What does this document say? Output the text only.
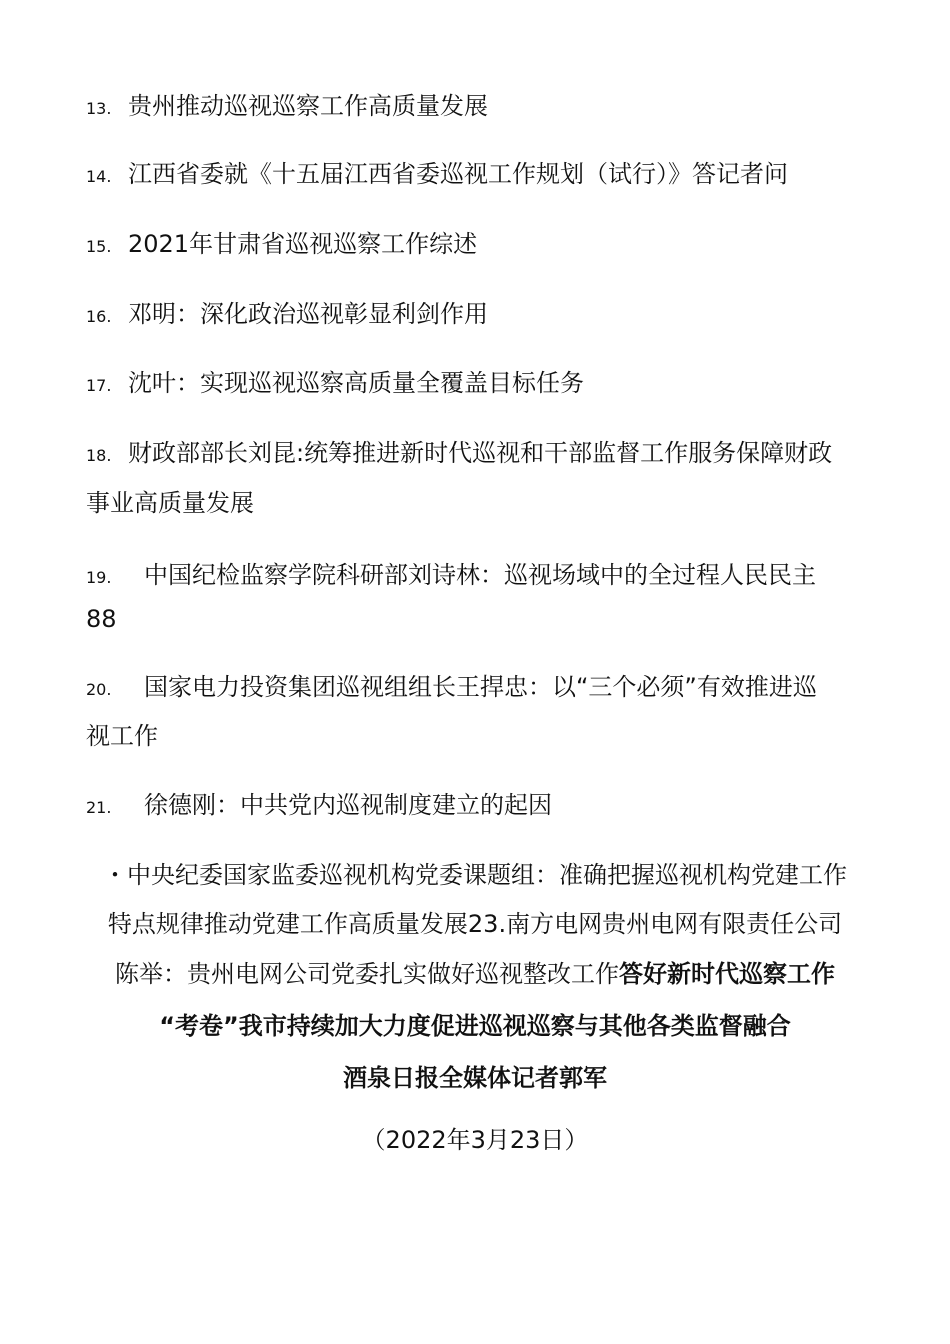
13. 贵州推动巡视巡察工作高质量发展
14. 江西省委就《十五届江西省委巡视工作规划（试行）》答记者问
15. 2021年甘肃省巡视巡察工作综述
16. 邓明：深化政治巡视彰显利剑作用
17. 沈叶：实现巡视巡察高质量全覆盖目标任务
18. 财政部部长刘昆:统筹推进新时代巡视和干部监督工作服务保障财政
事业高质量发展
19. 中国纪检监察学院科研部刘诗林：巡视场域中的全过程人民民主
88
20. 国家电力投资集团巡视组组长王捍忠：以“三个必须”有效推进巡
视工作
21. 徐德刚：中共党内巡视制度建立的起因
・中央纪委国家监委巡视机构党委课题组：准确把握巡视机构党建工作
特点规律推动党建工作高质量发展23.南方电网贵州电网有限责任公司
陈举：贵州电网公司党委扎实做好巡视整改工作答好新时代巡察工作
“考卷”我市持续加大力度促进巡视巡察与其他各类监督融合
酒泉日报全媒体记者郭军
（2022年3月23日）
